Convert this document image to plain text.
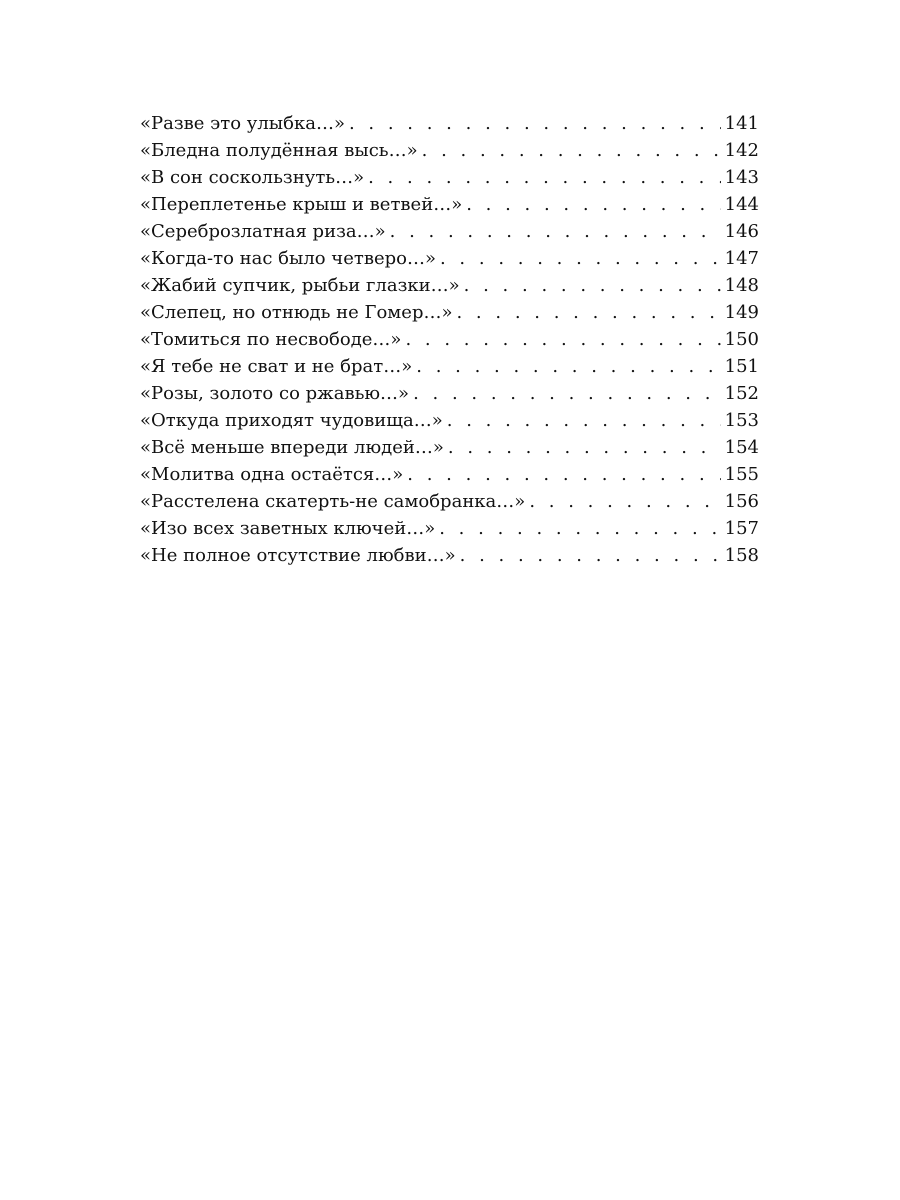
«Разве это улыбка…» . . .	141
«Бледна полудённая высь…» . . .	142
«В сон соскользнуть…» . . .	143
«Переплетенье крыш и ветвей…» . . .	144
«Сереброзлатная риза…» . . .	146
«Когда-то нас было четверо…» . . .	147
«Жабий супчик, рыбьи глазки…» . . .	148
«Слепец, но отнюдь не Гомер…» . . .	149
«Томиться по несвободе…» . . .	150
«Я тебе не сват и не брат…» . . .	151
«Розы, золото со ржавью…» . . .	152
«Откуда приходят чудовища…» . . .	153
«Всё меньше впереди людей…» . . .	154
«Молитва одна остаётся…» . . .	155
«Расстелена скатерть-не самобранка…» . . .	156
«Изо всех заветных ключей…» . . .	157
«Не полное отсутствие любви…» . . .	158
